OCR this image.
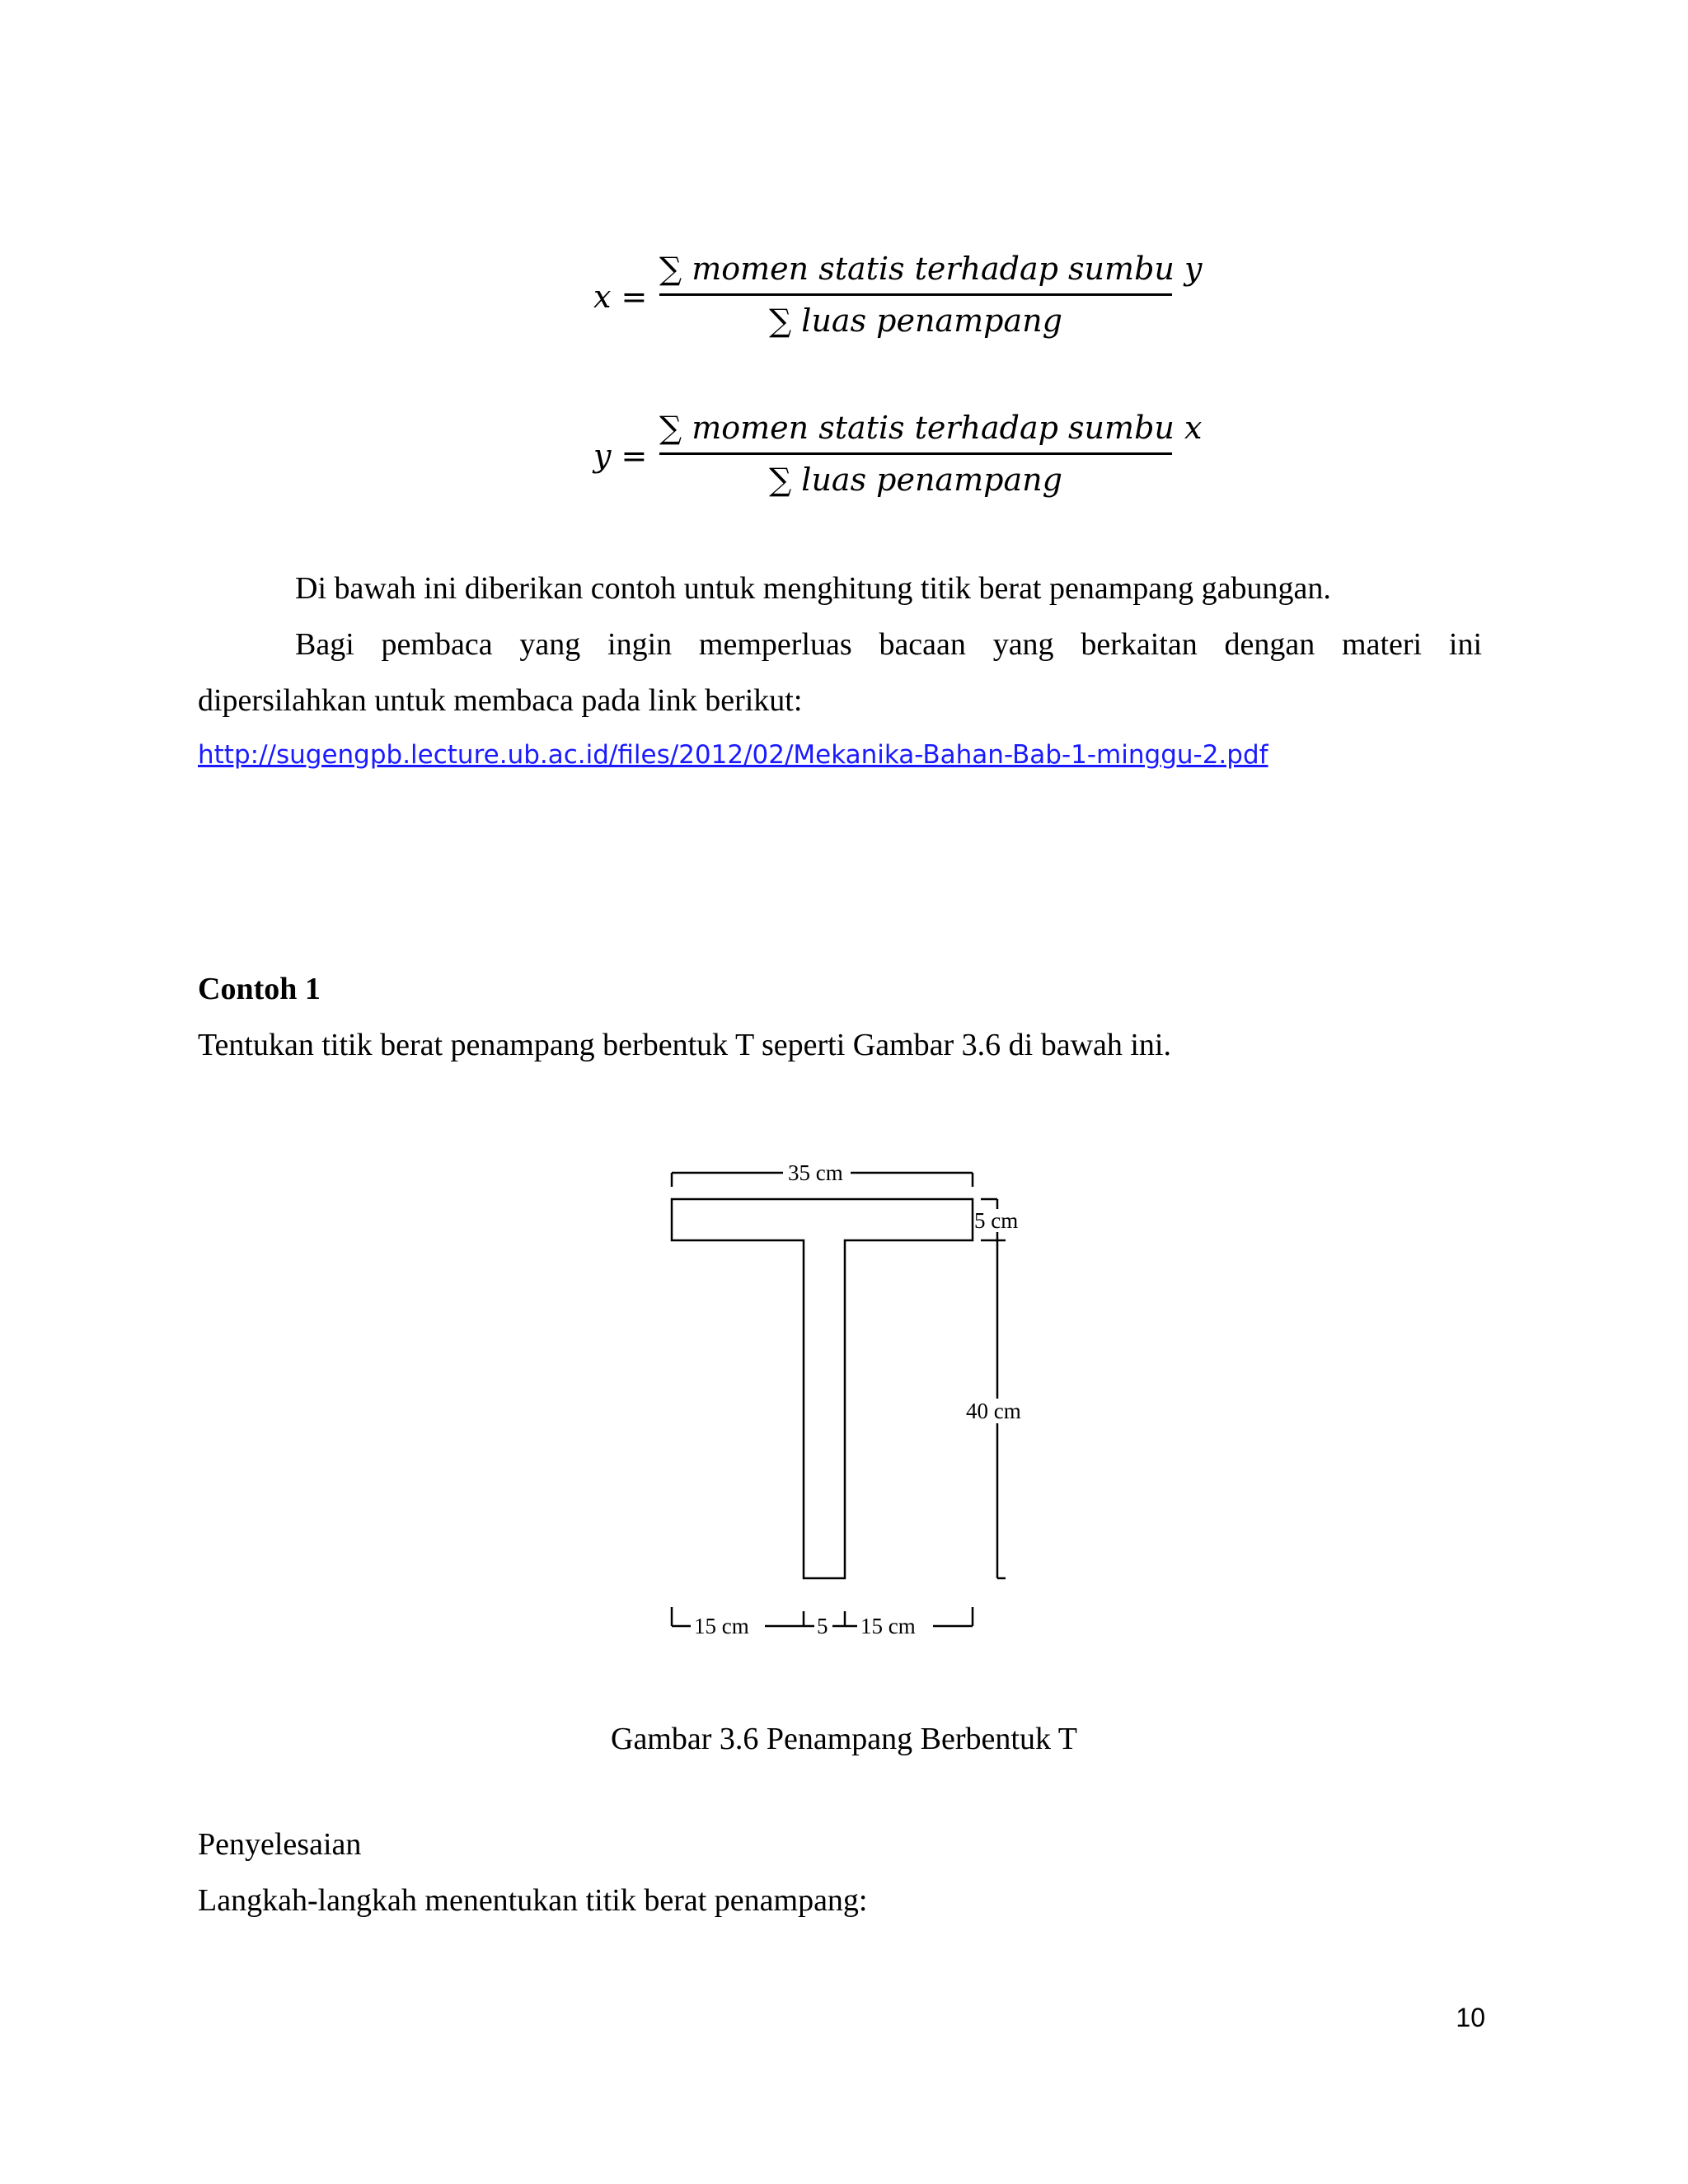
x =
∑ momen statis terhadap sumbu y
∑ luas penampang
y =
∑ momen statis terhadap sumbu x
∑ luas penampang
Di bawah ini diberikan contoh untuk menghitung titik berat penampang gabungan.
Bagi pembaca yang ingin memperluas bacaan yang berkaitan dengan materi ini
dipersilahkan untuk membaca pada link berikut:
http://sugengpb.lecture.ub.ac.id/files/2012/02/Mekanika-Bahan-Bab-1-minggu-2.pdf
Contoh 1
Tentukan titik berat penampang berbentuk T seperti Gambar 3.6 di bawah ini.
35 cm
5 cm
40 cm
15 cm	5 15 cm
Gambar 3.6 Penampang Berbentuk T
Penyelesaian
Langkah-langkah menentukan titik berat penampang:
10
